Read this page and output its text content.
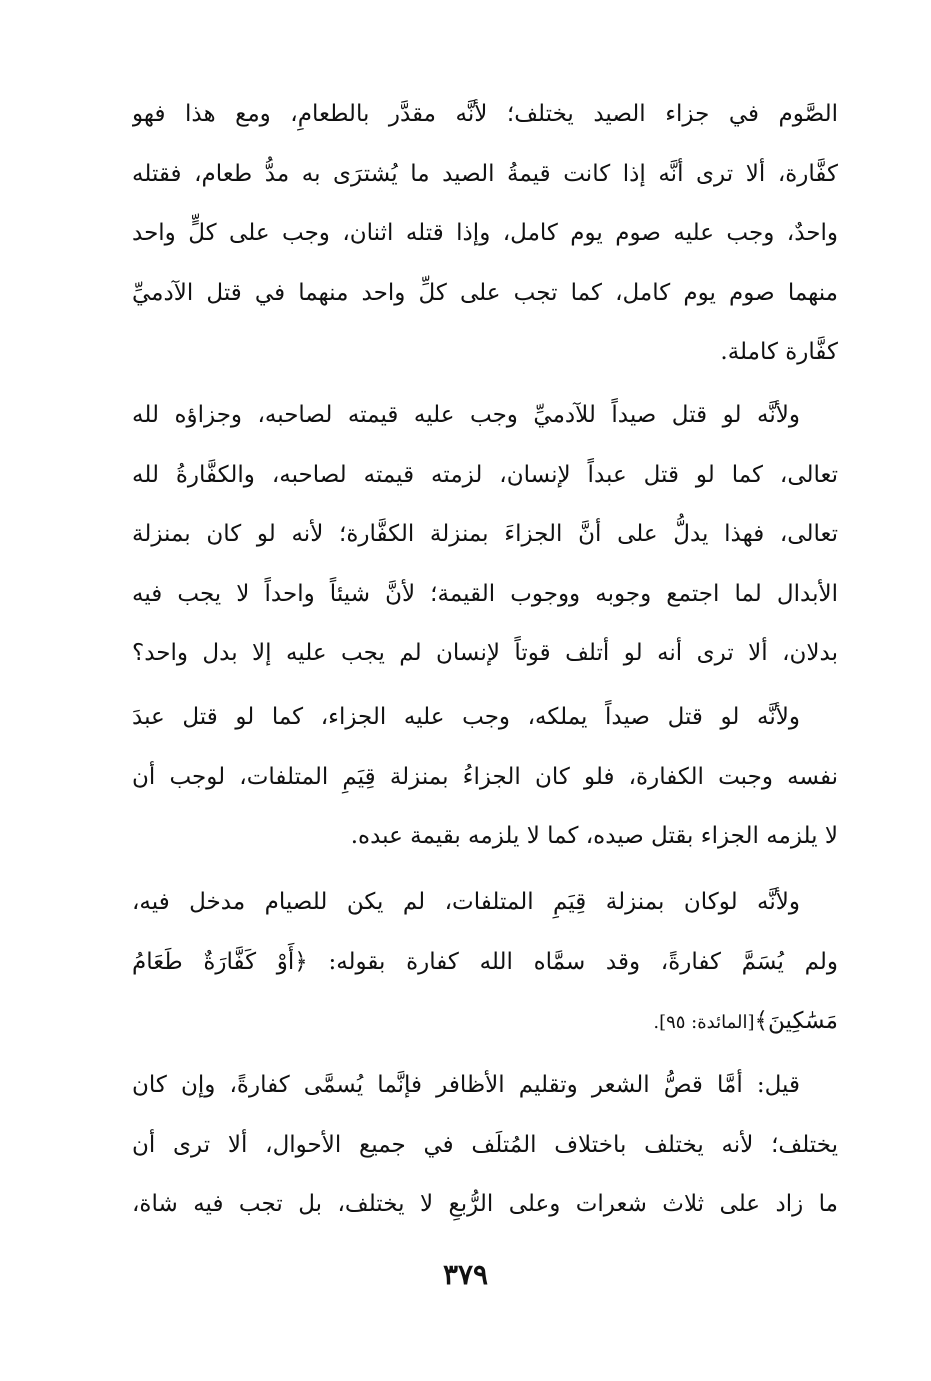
الصَّوم في جزاء الصيد يختلف؛ لأنَّه مقدَّر بالطعامِ، ومع هذا فهو
كفَّارة، ألا ترى أنَّه إذا كانت قيمةُ الصيد ما يُشترَى به مدُّ طعام، فقتله
واحدٌ، وجب عليه صوم يوم كامل، وإذا قتله اثنان، وجب على كلٍّ واحد
منهما صوم يوم كامل، كما تجب على كلِّ واحد منهما في قتل الآدميِّ
كفَّارة كاملة.
ولأنَّه لو قتل صيداً للآدميِّ وجب عليه قيمته لصاحبه، وجزاؤه لله
تعالى، كما لو قتل عبداً لإنسان، لزمته قيمته لصاحبه، والكفَّارةُ لله
تعالى، فهذا يدلُّ على أنَّ الجزاءَ بمنزلة الكفَّارة؛ لأنه لو كان بمنزلة
الأبدال لما اجتمع وجوبه ووجوب القيمة؛ لأنَّ شيئاً واحداً لا يجب فيه
بدلان، ألا ترى أنه لو أتلف قوتاً لإنسان لم يجب عليه إلا بدل واحد؟
ولأنَّه لو قتل صيداً يملكه، وجب عليه الجزاء، كما لو قتل عبدَ
نفسه وجبت الكفارة، فلو كان الجزاءُ بمنزلة قِيَمِ المتلفات، لوجب أن
لا يلزمه الجزاء بقتل صيده، كما لا يلزمه بقيمة عبده.
ولأنَّه لوكان بمنزلة قِيَمِ المتلفات، لم يكن للصيام مدخل فيه،
ولم يُسَمَّ كفارةً، وقد سمَّاه الله كفارة بقوله: ﴿أَوْ كَفَّارَةٌ طَعَامُ
مَسَٰكِينَ﴾[المائدة: ٩٥].
قيل: أمَّا قصُّ الشعر وتقليم الأظافر فإنَّما يُسمَّى كفارةً، وإن كان
يختلف؛ لأنه يختلف باختلاف المُتلَف في جميع الأحوال، ألا ترى أن
ما زاد على ثلاث شعرات وعلى الرُّبعِ لا يختلف، بل تجب فيه شاة،
٣٧٩
